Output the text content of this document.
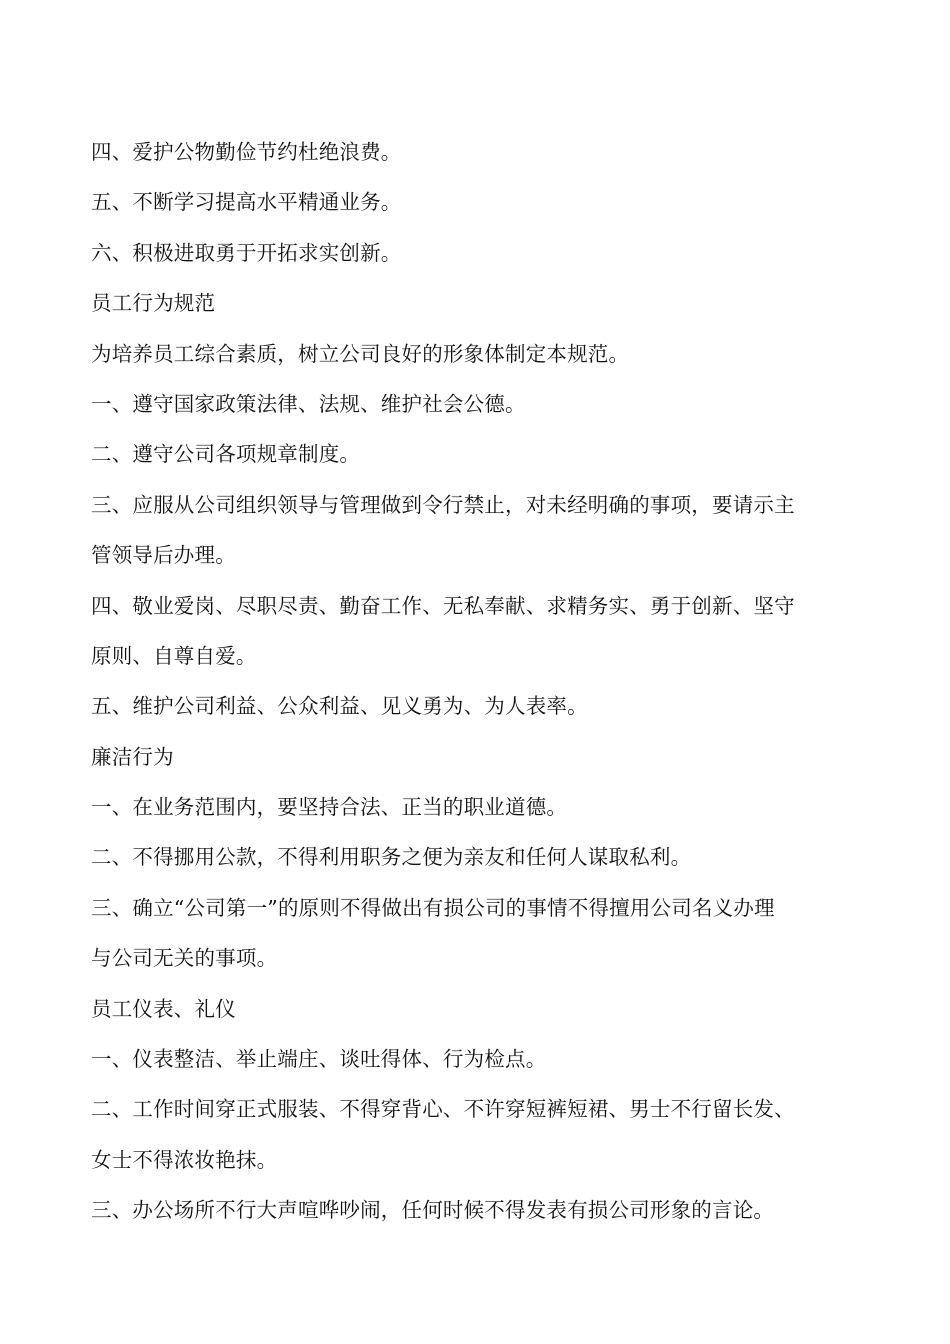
四、爱护公物勤俭节约杜绝浪费。
五、不断学习提高水平精通业务。
六、积极进取勇于开拓求实创新。
员工行为规范
为培养员工综合素质，树立公司良好的形象体制定本规范。
一、遵守国家政策法律、法规、维护社会公德。
二、遵守公司各项规章制度。
三、应服从公司组织领导与管理做到令行禁止，对未经明确的事项，要请示主
管领导后办理。
四、敬业爱岗、尽职尽责、勤奋工作、无私奉献、求精务实、勇于创新、坚守
原则、自尊自爱。
五、维护公司利益、公众利益、见义勇为、为人表率。
廉洁行为
一、在业务范围内，要坚持合法、正当的职业道德。
二、不得挪用公款，不得利用职务之便为亲友和任何人谋取私利。
三、确立“公司第一”的原则不得做出有损公司的事情不得擅用公司名义办理
与公司无关的事项。
员工仪表、礼仪
一、仪表整洁、举止端庄、谈吐得体、行为检点。
二、工作时间穿正式服装、不得穿背心、不许穿短裤短裙、男士不行留长发、
女士不得浓妆艳抹。
三、办公场所不行大声喧哗吵闹，任何时候不得发表有损公司形象的言论。
